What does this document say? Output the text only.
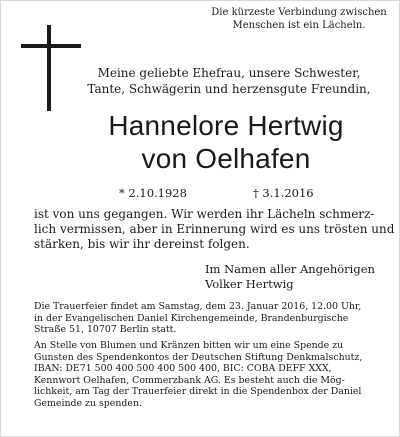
Die kürzeste Verbindung zwischen
Menschen ist ein Lächeln.
Meine geliebte Ehefrau, unsere Schwester,
Tante, Schwägerin und herzensgute Freundin,
Hannelore Hertwig
von Oelhafen
* 2.10.1928	† 3.1.2016
ist von uns gegangen. Wir werden ihr Lächeln schmerz-
lich vermissen, aber in Erinnerung wird es uns trösten und
stärken, bis wir ihr dereinst folgen.
Im Namen aller Angehörigen
Volker Hertwig
Die Trauerfeier findet am Samstag, dem 23. Januar 2016, 12.00 Uhr,
in der Evangelischen Daniel Kirchengemeinde, Brandenburgische
Straße 51, 10707 Berlin statt.
An Stelle von Blumen und Kränzen bitten wir um eine Spende zu
Gunsten des Spendenkontos der Deutschen Stiftung Denkmalschutz,
IBAN: DE71 500 400 500 400 500 400, BIC: COBA DEFF XXX,
Kennwort Oelhafen, Commerzbank AG. Es besteht auch die Mög-
lichkeit, am Tag der Trauerfeier direkt in die Spendenbox der Daniel
Gemeinde zu spenden.
